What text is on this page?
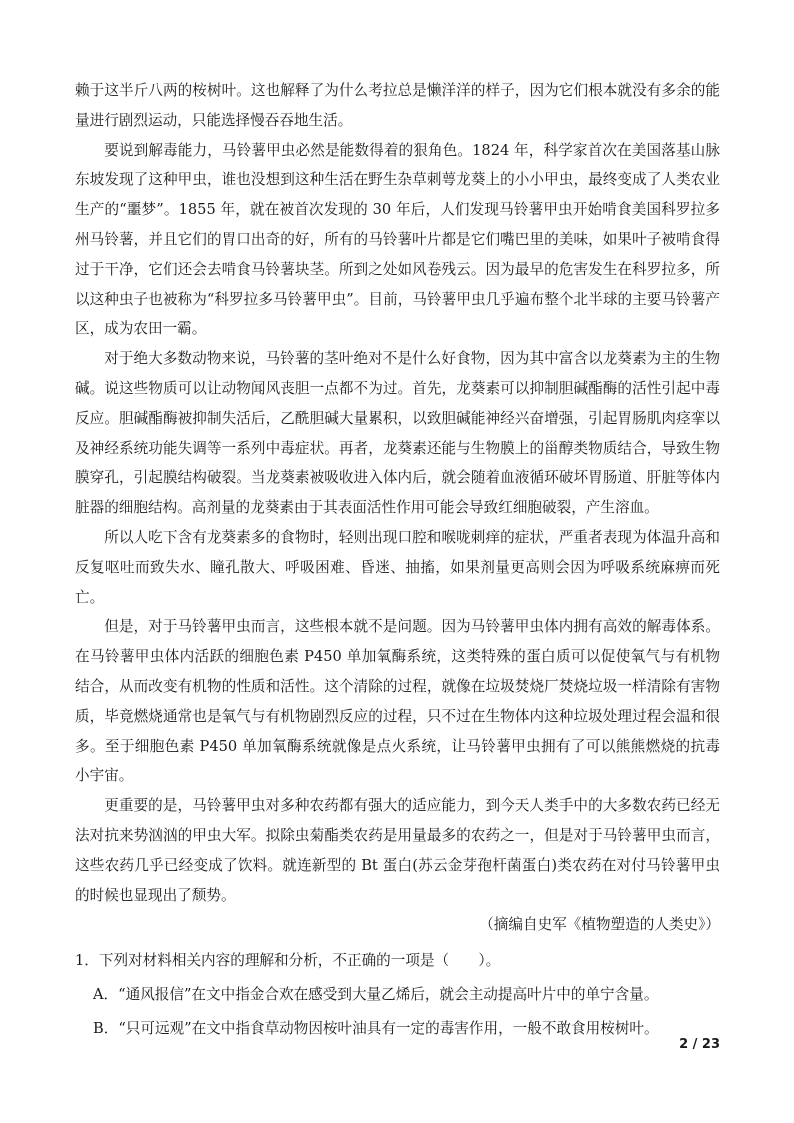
赖于这半斤八两的桉树叶。这也解释了为什么考拉总是懒洋洋的样子，因为它们根本就没有多余的能量进行剧烈运动，只能选择慢吞吞地生活。

要说到解毒能力，马铃薯甲虫必然是能数得着的狠角色。1824 年，科学家首次在美国落基山脉东坡发现了这种甲虫，谁也没想到这种生活在野生杂草刺萼龙葵上的小小甲虫，最终变成了人类农业生产的“噩梦”。1855 年，就在被首次发现的 30 年后，人们发现马铃薯甲虫开始啃食美国科罗拉多州马铃薯，并且它们的胃口出奇的好，所有的马铃薯叶片都是它们嘴巴里的美味，如果叶子被啃食得过于干净，它们还会去啃食马铃薯块茎。所到之处如风卷残云。因为最早的危害发生在科罗拉多，所以这种虫子也被称为“科罗拉多马铃薯甲虫”。目前，马铃薯甲虫几乎遍布整个北半球的主要马铃薯产区，成为农田一霸。

对于绝大多数动物来说，马铃薯的茎叶绝对不是什么好食物，因为其中富含以龙葵素为主的生物碱。说这些物质可以让动物闻风丧胆一点都不为过。首先，龙葵素可以抑制胆碱酯酶的活性引起中毒反应。胆碱酯酶被抑制失活后，乙酰胆碱大量累积，以致胆碱能神经兴奋增强，引起胃肠肌肉痉挛以及神经系统功能失调等一系列中毒症状。再者，龙葵素还能与生物膜上的甾醇类物质结合，导致生物膜穿孔，引起膜结构破裂。当龙葵素被吸收进入体内后，就会随着血液循环破坏胃肠道、肝脏等体内脏器的细胞结构。高剂量的龙葵素由于其表面活性作用可能会导致红细胞破裂，产生溶血。

所以人吃下含有龙葵素多的食物时，轻则出现口腔和喉咙刺痒的症状，严重者表现为体温升高和反复呕吐而致失水、瞳孔散大、呼吸困难、昏迷、抽搐，如果剂量更高则会因为呼吸系统麻痹而死亡。

但是，对于马铃薯甲虫而言，这些根本就不是问题。因为马铃薯甲虫体内拥有高效的解毒体系。在马铃薯甲虫体内活跃的细胞色素 P450 单加氧酶系统，这类特殊的蛋白质可以促使氧气与有机物结合，从而改变有机物的性质和活性。这个清除的过程，就像在垃圾焚烧厂焚烧垃圾一样清除有害物质，毕竟燃烧通常也是氧气与有机物剧烈反应的过程，只不过在生物体内这种垃圾处理过程会温和很多。至于细胞色素 P450 单加氧酶系统就像是点火系统，让马铃薯甲虫拥有了可以熊熊燃烧的抗毒小宇宙。

更重要的是，马铃薯甲虫对多种农药都有强大的适应能力，到今天人类手中的大多数农药已经无法对抗来势汹汹的甲虫大军。拟除虫菊酯类农药是用量最多的农药之一，但是对于马铃薯甲虫而言，这些农药几乎已经变成了饮料。就连新型的 Bt 蛋白(苏云金芽孢杆菌蛋白)类农药在对付马铃薯甲虫的时候也显现出了颓势。

（摘编自史军《植物塑造的人类史》）

1．下列对材料相关内容的理解和分析，不正确的一项是（　　）。

A．“通风报信”在文中指金合欢在感受到大量乙烯后，就会主动提高叶片中的单宁含量。

B．“只可远观”在文中指食草动物因桉叶油具有一定的毒害作用，一般不敢食用桉树叶。

2 / 23
